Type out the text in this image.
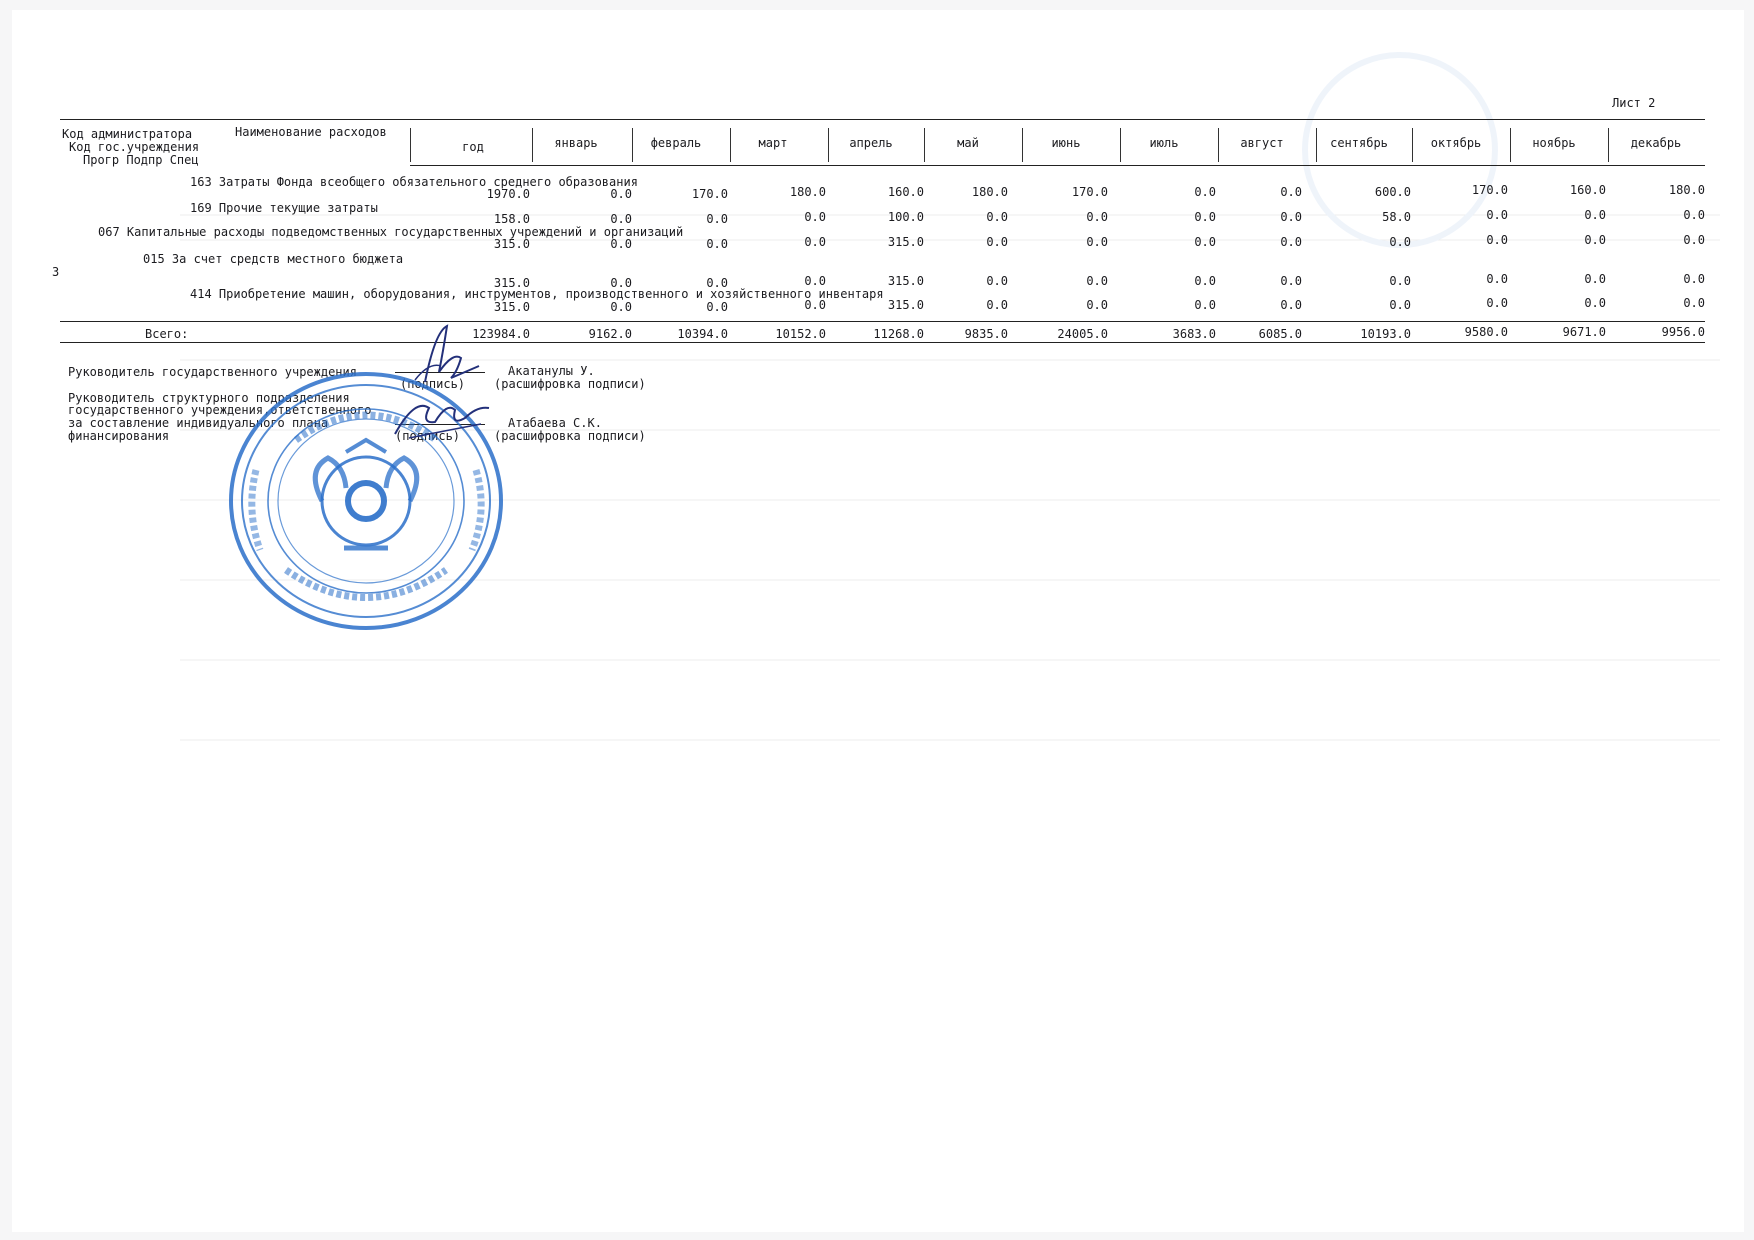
Лист 2
Код администратора
Код гос.учреждения
Прогр Подпр Спец
Наименование расходов
год	январь	февраль	март	апрель	май	июнь	июль	август	сентябрь	октябрь	ноябрь	декабрь
163 Затраты Фонда всеобщего обязательного среднего образования
1970.0	0.0	170.0	180.0	160.0	180.0	170.0	0.0	0.0	600.0	170.0	160.0	180.0
169 Прочие текущие затраты
158.0	0.0	0.0	0.0	100.0	0.0	0.0	0.0	0.0	58.0	0.0	0.0	0.0
067 Капитальные расходы подведомственных государственных учреждений и организаций
315.0	0.0	0.0	0.0	315.0	0.0	0.0	0.0	0.0	0.0	0.0	0.0	0.0
015 За счет средств местного бюджета
315.0	0.0	0.0	0.0	315.0	0.0	0.0	0.0	0.0	0.0	0.0	0.0	0.0
414 Приобретение машин, оборудования, инструментов, производственного и хозяйственного инвентаря
315.0	0.0	0.0	0.0	315.0	0.0	0.0	0.0	0.0	0.0	0.0	0.0	0.0
3
Всего:	123984.0	9162.0	10394.0	10152.0	11268.0	9835.0	24005.0	3683.0	6085.0	10193.0	9580.0	9671.0	9956.0
Руководитель государственного учреждения
(подпись)
Акатанулы У.
(расшифровка подписи)
Руководитель структурного подразделения
государственного учреждения,ответственного
за составление индивидуального плана
финансирования	(подпись)
Атабаева С.К.
(расшифровка подписи)
